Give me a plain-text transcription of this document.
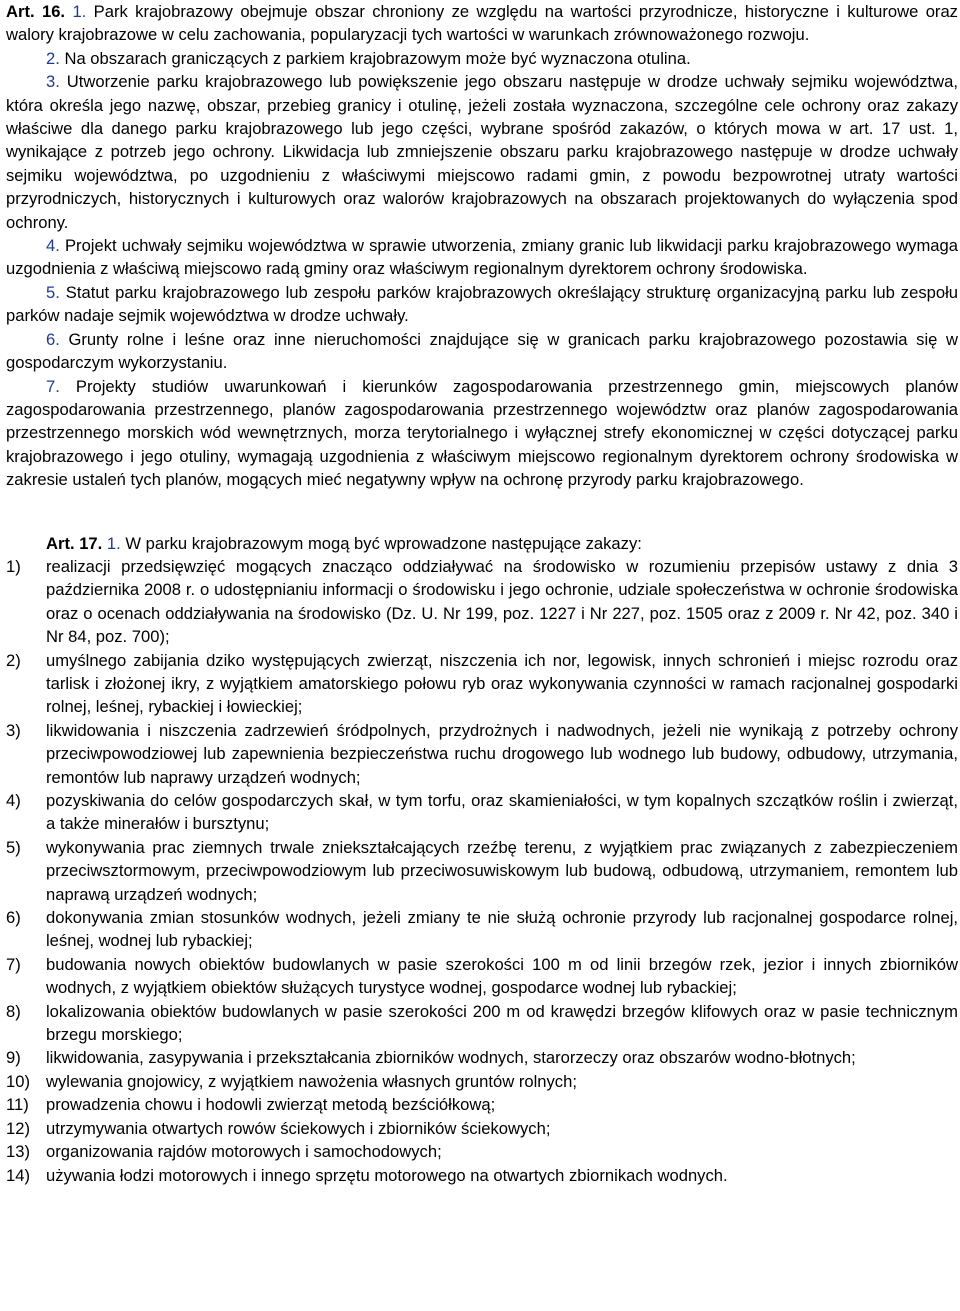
Art. 16. 1. Park krajobrazowy obejmuje obszar chroniony ze względu na wartości przyrodnicze, historyczne i kulturowe oraz walory krajobrazowe w celu zachowania, popularyzacji tych wartości w warunkach zrównoważonego rozwoju.

2. Na obszarach graniczących z parkiem krajobrazowym może być wyznaczona otulina.

3. Utworzenie parku krajobrazowego lub powiększenie jego obszaru następuje w drodze uchwały sejmiku województwa, która określa jego nazwę, obszar, przebieg granicy i otulinę, jeżeli została wyznaczona, szczególne cele ochrony oraz zakazy właściwe dla danego parku krajobrazowego lub jego części, wybrane spośród zakazów, o których mowa w art. 17 ust. 1, wynikające z potrzeb jego ochrony. Likwidacja lub zmniejszenie obszaru parku krajobrazowego następuje w drodze uchwały sejmiku województwa, po uzgodnieniu z właściwymi miejscowo radami gmin, z powodu bezpowrotnej utraty wartości przyrodniczych, historycznych i kulturowych oraz walorów krajobrazowych na obszarach projektowanych do wyłączenia spod ochrony.

4. Projekt uchwały sejmiku województwa w sprawie utworzenia, zmiany granic lub likwidacji parku krajobrazowego wymaga uzgodnienia z właściwą miejscowo radą gminy oraz właściwym regionalnym dyrektorem ochrony środowiska.

5. Statut parku krajobrazowego lub zespołu parków krajobrazowych określający strukturę organizacyjną parku lub zespołu parków nadaje sejmik województwa w drodze uchwały.

6. Grunty rolne i leśne oraz inne nieruchomości znajdujące się w granicach parku krajobrazowego pozostawia się w gospodarczym wykorzystaniu.

7. Projekty studiów uwarunkowań i kierunków zagospodarowania przestrzennego gmin, miejscowych planów zagospodarowania przestrzennego, planów zagospodarowania przestrzennego województw oraz planów zagospodarowania przestrzennego morskich wód wewnętrznych, morza terytorialnego i wyłącznej strefy ekonomicznej w części dotyczącej parku krajobrazowego i jego otuliny, wymagają uzgodnienia z właściwym miejscowo regionalnym dyrektorem ochrony środowiska w zakresie ustaleń tych planów, mogących mieć negatywny wpływ na ochronę przyrody parku krajobrazowego.

Art. 17. 1. W parku krajobrazowym mogą być wprowadzone następujące zakazy:

1)	realizacji przedsięwzięć mogących znacząco oddziaływać na środowisko w rozumieniu przepisów ustawy z dnia 3 października 2008 r. o udostępnianiu informacji o środowisku i jego ochronie, udziale społeczeństwa w ochronie środowiska oraz o ocenach oddziaływania na środowisko (Dz. U. Nr 199, poz. 1227 i Nr 227, poz. 1505 oraz z 2009 r. Nr 42, poz. 340 i Nr 84, poz. 700);
2)	umyślnego zabijania dziko występujących zwierząt, niszczenia ich nor, legowisk, innych schronień i miejsc rozrodu oraz tarlisk i złożonej ikry, z wyjątkiem amatorskiego połowu ryb oraz wykonywania czynności w ramach racjonalnej gospodarki rolnej, leśnej, rybackiej i łowieckiej;
3)	likwidowania i niszczenia zadrzewień śródpolnych, przydrożnych i nadwodnych, jeżeli nie wynikają z potrzeby ochrony przeciwpowodziowej lub zapewnienia bezpieczeństwa ruchu drogowego lub wodnego lub budowy, odbudowy, utrzymania, remontów lub naprawy urządzeń wodnych;
4)	pozyskiwania do celów gospodarczych skał, w tym torfu, oraz skamieniałości, w tym kopalnych szczątków roślin i zwierząt, a także minerałów i bursztynu;
5)	wykonywania prac ziemnych trwale zniekształcających rzeźbę terenu, z wyjątkiem prac związanych z zabezpieczeniem przeciwsztormowym, przeciwpowodziowym lub przeciwosuwiskowym lub budową, odbudową, utrzymaniem, remontem lub naprawą urządzeń wodnych;
6)	dokonywania zmian stosunków wodnych, jeżeli zmiany te nie służą ochronie przyrody lub racjonalnej gospodarce rolnej, leśnej, wodnej lub rybackiej;
7)	budowania nowych obiektów budowlanych w pasie szerokości 100 m od linii brzegów rzek, jezior i innych zbiorników wodnych, z wyjątkiem obiektów służących turystyce wodnej, gospodarce wodnej lub rybackiej;
8)	lokalizowania obiektów budowlanych w pasie szerokości 200 m od krawędzi brzegów klifowych oraz w pasie technicznym brzegu morskiego;
9)	likwidowania, zasypywania i przekształcania zbiorników wodnych, starorzeczy oraz obszarów wodno-błotnych;
10) wylewania gnojowicy, z wyjątkiem nawożenia własnych gruntów rolnych;
11)	prowadzenia chowu i hodowli zwierząt metodą bezściółkową;
12) utrzymywania otwartych rowów ściekowych i zbiorników ściekowych;
13) organizowania rajdów motorowych i samochodowych;
14) używania łodzi motorowych i innego sprzętu motorowego na otwartych zbiornikach wodnych.
